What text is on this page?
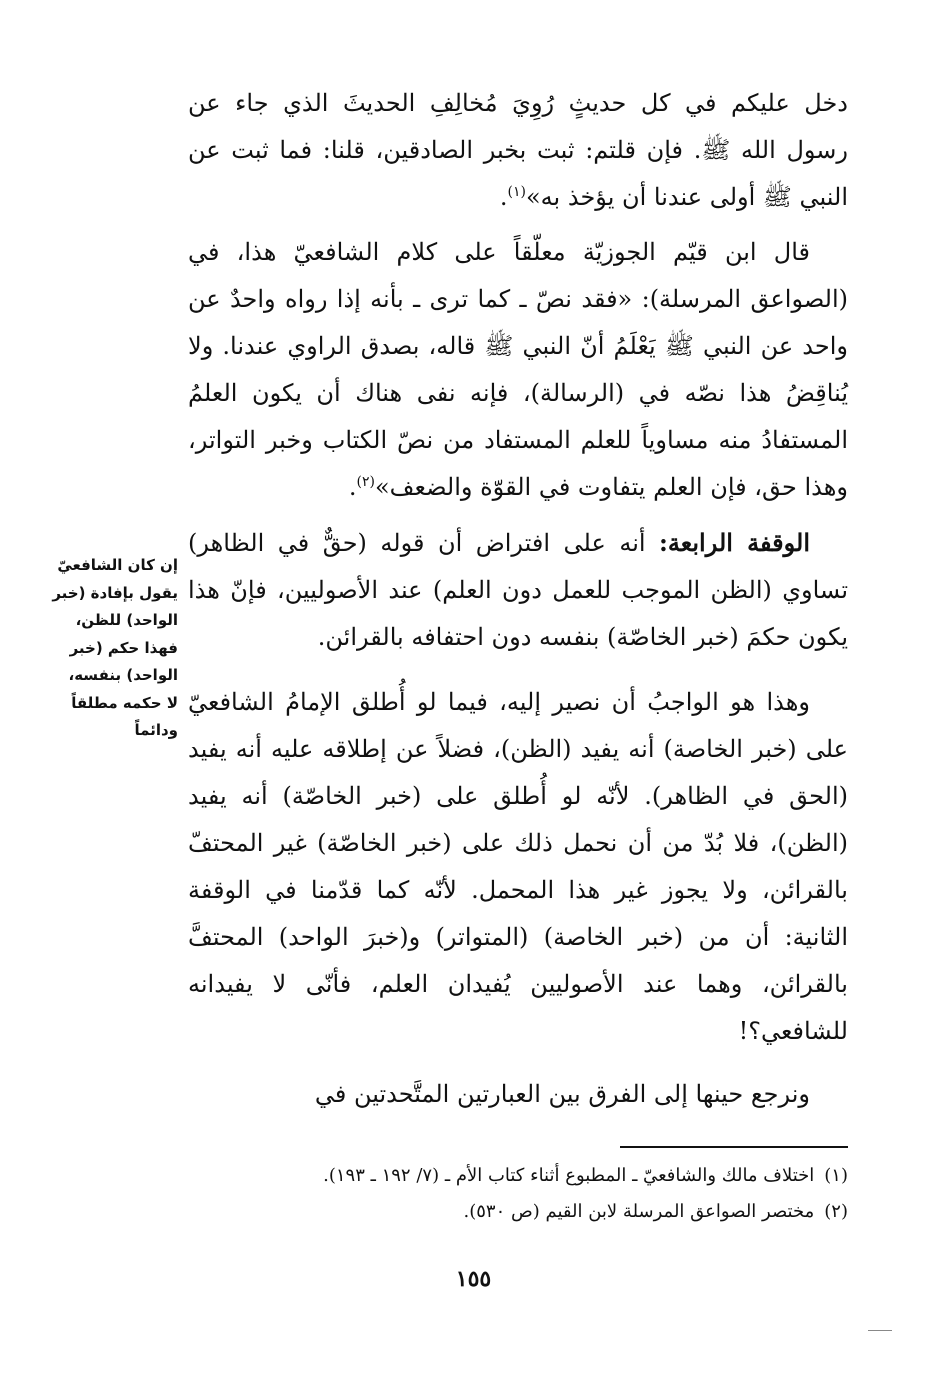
دخل عليكم في كل حديثٍ رُوِيَ مُخالِفِ الحديثَ الذي جاء عن رسول الله ﷺ. فإن قلتم: ثبت بخبر الصادقين، قلنا: فما ثبت عن النبي ﷺ أولى عندنا أن يؤخذ به»$^{(١)}$.

قال ابن قيّم الجوزيّة معلّقاً على كلام الشافعيّ هذا، في (الصواعق المرسلة): «فقد نصّ ـ كما ترى ـ بأنه إذا رواه واحدٌ عن واحد عن النبي ﷺ يَعْلَمُ أنّ النبي ﷺ قاله، بصدق الراوي عندنا. ولا يُناقِضُ هذا نصّه في (الرسالة)، فإنه نفى هناك أن يكون العلمُ المستفادُ منه مساوياً للعلم المستفاد من نصّ الكتاب وخبر التواتر، وهذا حق، فإن العلم يتفاوت في القوّة والضعف»$^{(٢)}$.

الوقفة الرابعة: أنه على افتراض أن قوله (حقٌّ في الظاهر) تساوي (الظن الموجب للعمل دون العلم) عند الأصوليين، فإنّ هذا يكون حكمَ (خبر الخاصّة) بنفسه دون احتفافه بالقرائن.

وهذا هو الواجبُ أن نصير إليه، فيما لو أُطلق الإمامُ الشافعيّ على (خبر الخاصة) أنه يفيد (الظن)، فضلاً عن إطلاقه عليه أنه يفيد (الحق في الظاهر). لأنّه لو أُطلق على (خبر الخاصّة) أنه يفيد (الظن)، فلا بُدّ من أن نحمل ذلك على (خبر الخاصّة) غير المحتفّ بالقرائن، ولا يجوز غير هذا المحمل. لأنّه كما قدّمنا في الوقفة الثانية: أن من (خبر الخاصة) (المتواتر) و(خبرَ الواحد) المحتفَّ بالقرائن، وهما عند الأصوليين يُفيدان العلم، فأنّى لا يفيدانه للشافعي؟!

ونرجع حينها إلى الفرق بين العبارتين المتَّحدتين في

إن كان الشافعيّ
يقول بإفادة (خبر
الواحد) للظن،
فهذا حكم (خبر
الواحد) بنفسه،
لا حكمه مطلقاً
ودائماً
(١)اختلاف مالك والشافعيّ ـ المطبوع أثناء كتاب الأم ـ (٧/ ١٩٢ ـ ١٩٣).
(٢)مختصر الصواعق المرسلة لابن القيم (ص ٥٣٠).
١٥٥
